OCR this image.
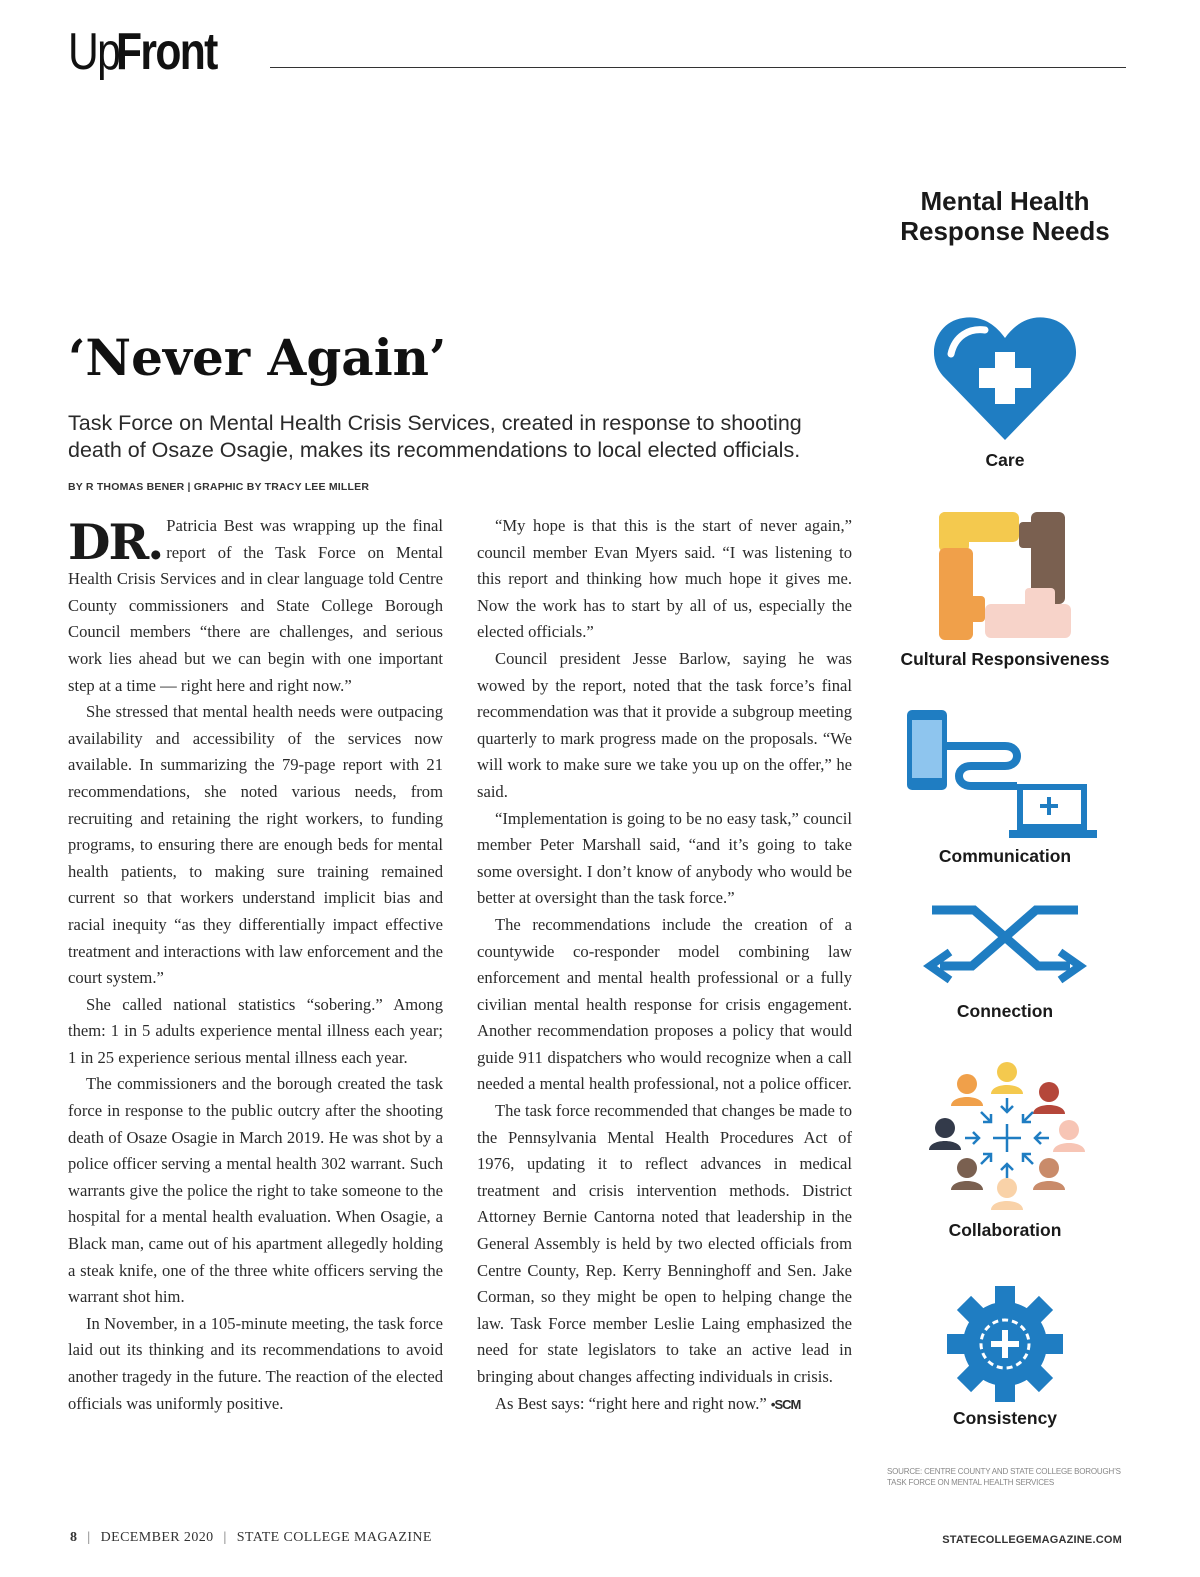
Up
Front
‘Never Again’

Task Force on Mental Health Crisis Services, created in response to shooting death of Osaze Osagie, makes its recommendations to local elected officials.

BY R THOMAS BENER | GRAPHIC BY TRACY LEE MILLER

DR. Patricia Best was wrapping up the final report of the Task Force on Mental Health Crisis Services and in clear language told Centre County commissioners and State College Borough Council members “there are challenges, and serious work lies ahead but we can begin with one important step at a time — right here and right now.”

She stressed that mental health needs were outpacing availability and accessibility of the services now available. In summarizing the 79-page report with 21 recommendations, she noted various needs, from recruiting and retaining the right workers, to funding programs, to ensuring there are enough beds for mental health patients, to making sure training remained current so that workers understand implicit bias and racial inequity “as they differentially impact effective treatment and interactions with law enforcement and the court system.”

She called national statistics “sobering.” Among them: 1 in 5 adults experience mental illness each year; 1 in 25 experience serious mental illness each year.

The commissioners and the borough created the task force in response to the public outcry after the shooting death of Osaze Osagie in March 2019. He was shot by a police officer serving a mental health 302 warrant. Such warrants give the police the right to take someone to the hospital for a mental health evaluation. When Osagie, a Black man, came out of his apartment allegedly holding a steak knife, one of the three white officers serving the warrant shot him.

In November, in a 105-minute meeting, the task force laid out its thinking and its recommendations to avoid another tragedy in the future. The reaction of the elected officials was uniformly positive.

“My hope is that this is the start of never again,” council member Evan Myers said. “I was listening to this report and thinking how much hope it gives me. Now the work has to start by all of us, especially the elected officials.”

Council president Jesse Barlow, saying he was wowed by the report, noted that the task force’s final recommendation was that it provide a subgroup meeting quarterly to mark progress made on the proposals. “We will work to make sure we take you up on the offer,” he said.

“Implementation is going to be no easy task,” council member Peter Marshall said, “and it’s going to take some oversight. I don’t know of anybody who would be better at oversight than the task force.”

The recommendations include the creation of a countywide co-responder model combining law enforcement and mental health professional or a fully civilian mental health response for crisis engagement. Another recommendation proposes a policy that would guide 911 dispatchers who would recognize when a call needed a mental health professional, not a police officer.

The task force recommended that changes be made to the Pennsylvania Mental Health Procedures Act of 1976, updating it to reflect advances in medical treatment and crisis intervention methods. District Attorney Bernie Cantorna noted that leadership in the General Assembly is held by two elected officials from Centre County, Rep. Kerry Benninghoff and Sen. Jake Corman, so they might be open to helping change the law. Task Force member Leslie Laing emphasized the need for state legislators to take an active lead in bringing about changes affecting individuals in crisis.

As Best says: “right here and right now.” •SCM

Mental Health Response Needs
Care
Cultural Responsiveness
Communication
Connection
Collaboration
Consistency
SOURCE: CENTRE COUNTY AND STATE COLLEGE BOROUGH’S TASK FORCE ON MENTAL HEALTH SERVICES
8 | DECEMBER 2020 | STATE COLLEGE MAGAZINE	STATECOLLEGEMAGAZINE.COM
